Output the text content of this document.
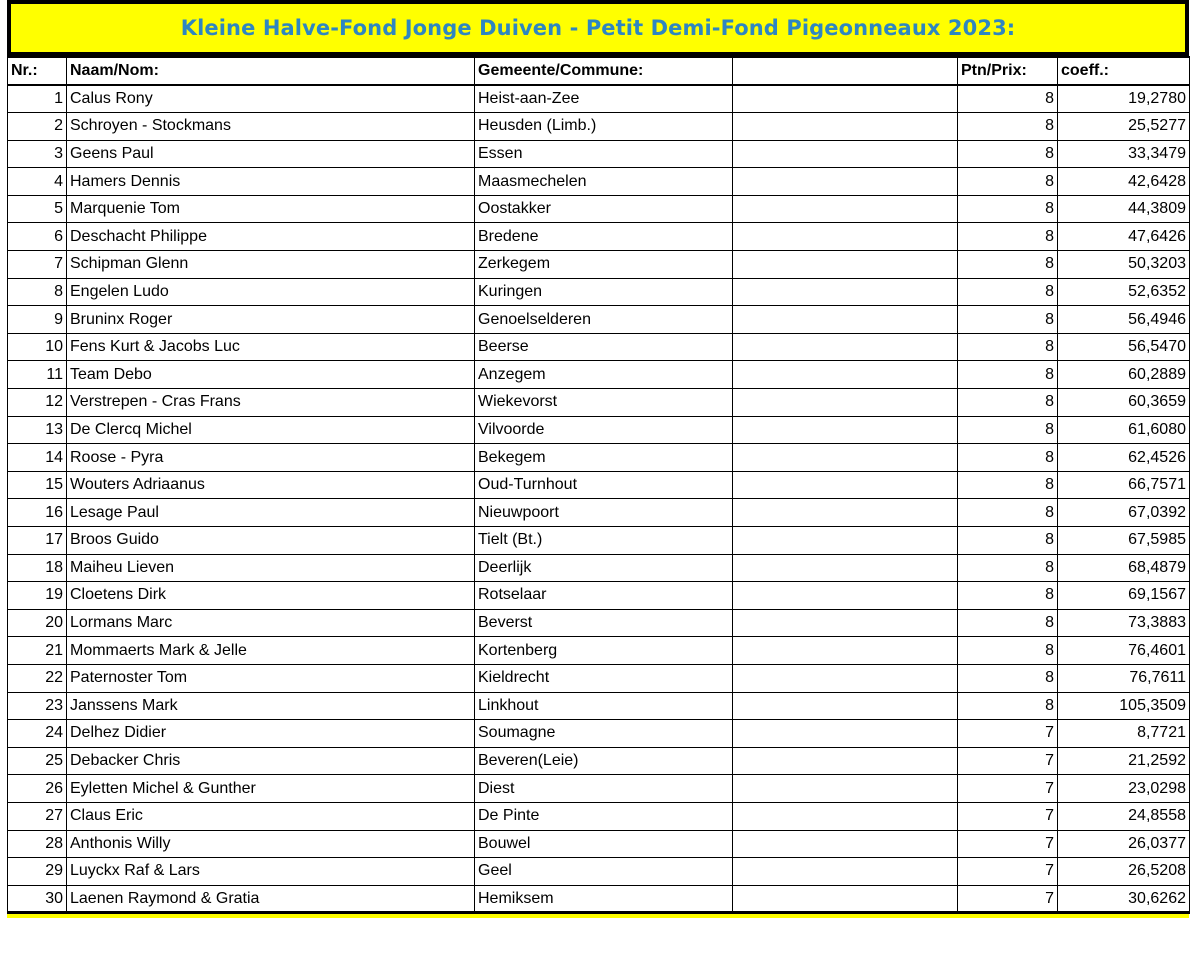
Kleine Halve-Fond Jonge Duiven - Petit Demi-Fond Pigeonneaux 2023:
Nr.:	Naam/Nom:	Gemeente/Commune:		Ptn/Prix:	coeff.:
1	Calus Rony	Heist-aan-Zee		8	19,2780
2	Schroyen - Stockmans	Heusden (Limb.)		8	25,5277
3	Geens Paul	Essen		8	33,3479
4	Hamers Dennis	Maasmechelen		8	42,6428
5	Marquenie Tom	Oostakker		8	44,3809
6	Deschacht Philippe	Bredene		8	47,6426
7	Schipman Glenn	Zerkegem		8	50,3203
8	Engelen Ludo	Kuringen		8	52,6352
9	Bruninx Roger	Genoelselderen		8	56,4946
10	Fens Kurt & Jacobs Luc	Beerse		8	56,5470
11	Team Debo	Anzegem		8	60,2889
12	Verstrepen - Cras Frans	Wiekevorst		8	60,3659
13	De Clercq Michel	Vilvoorde		8	61,6080
14	Roose - Pyra	Bekegem		8	62,4526
15	Wouters Adriaanus	Oud-Turnhout		8	66,7571
16	Lesage Paul	Nieuwpoort		8	67,0392
17	Broos Guido	Tielt (Bt.)		8	67,5985
18	Maiheu Lieven	Deerlijk		8	68,4879
19	Cloetens Dirk	Rotselaar		8	69,1567
20	Lormans Marc	Beverst		8	73,3883
21	Mommaerts Mark & Jelle	Kortenberg		8	76,4601
22	Paternoster Tom	Kieldrecht		8	76,7611
23	Janssens Mark	Linkhout		8	105,3509
24	Delhez Didier	Soumagne		7	8,7721
25	Debacker Chris	Beveren(Leie)		7	21,2592
26	Eyletten Michel & Gunther	Diest		7	23,0298
27	Claus Eric	De Pinte		7	24,8558
28	Anthonis Willy	Bouwel		7	26,0377
29	Luyckx Raf & Lars	Geel		7	26,5208
30	Laenen Raymond & Gratia	Hemiksem		7	30,6262
